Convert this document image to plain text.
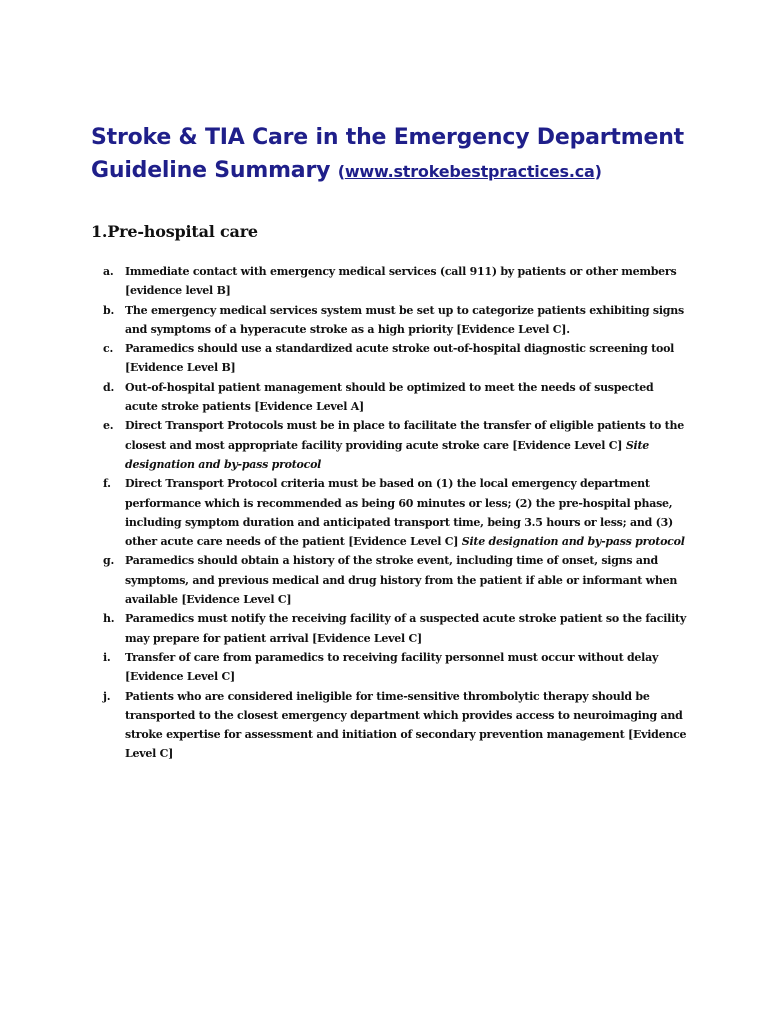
Stroke & TIA Care in the Emergency Department
Guideline Summary (www.strokebestpractices.ca)
1.Pre-hospital care
a.	Immediate contact with emergency medical services (call 911) by patients or other members [evidence level B]
b. The emergency medical services system must be set up to categorize patients exhibiting signs and symptoms of a hyperacute stroke as a high priority [Evidence Level C].
c.	Paramedics should use a standardized acute stroke out-of-hospital diagnostic screening tool [Evidence Level B]
d. Out-of-hospital patient management should be optimized to meet the needs of suspected acute stroke patients [Evidence Level A]
e.	Direct Transport Protocols must be in place to facilitate the transfer of eligible patients to the closest and most appropriate facility providing acute stroke care [Evidence Level C] Site designation and by-pass protocol
f.	Direct Transport Protocol criteria must be based on (1) the local emergency department performance which is recommended as being 60 minutes or less; (2) the pre-hospital phase, including symptom duration and anticipated transport time, being 3.5 hours or less; and (3) other acute care needs of the patient [Evidence Level C] Site designation and by-pass protocol
g. Paramedics should obtain a history of the stroke event, including time of onset, signs and symptoms, and previous medical and drug history from the patient if able or informant when available [Evidence Level C]
h. Paramedics must notify the receiving facility of a suspected acute stroke patient so the facility may prepare for patient arrival [Evidence Level C]
i.	Transfer of care from paramedics to receiving facility personnel must occur without delay [Evidence Level C]
j.	Patients who are considered ineligible for time-sensitive thrombolytic therapy should be transported to the closest emergency department which provides access to neuroimaging and stroke expertise for assessment and initiation of secondary prevention management [Evidence Level C]
